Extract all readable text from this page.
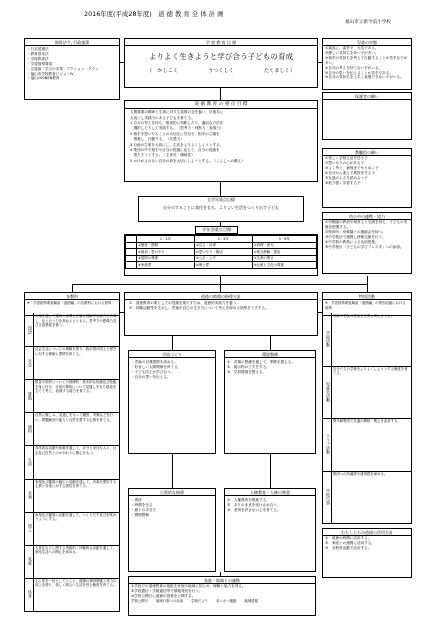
2016年度(平成28年度)　道 徳 教 育 全 体 計 画
福山市立新今浜小学校
関係法令, 行政施策
・日本国憲法
・教育基本法
・学校教育法
・学習指導要領
・広島県「学びの変革」アクション・プラン
・福山市学校教育ビジョンIV
・福山100NEN教育
学 校 教 育 目 標
よりよく生きようと学び合う子どもの育成
（　かしこく	うつくしく	たくましく）
児童の実態
①素直に、素朴で、元気である。
②優しい気持ちを持つ子が多い。
③相手の気持ちを考えて行動することが苦手な子が多い。
④自分の考えを持てない子がいる。
⑤自分の思いを伝えることが苦手である。
⑥自分の気持ちを上手く表現できない子がいる。
保護者の願い
教職員の願い
①楽しく学校生活を送る子
②思いやりの心がある子
③よく考え、最後までやりぬく子
④自分から進んで挨拶をする子
⑤友達のよさを認め合う子
⑥粘り強く学習する子
道 徳 教 育 の 重 点 目 標
人間尊重の精神と生命に対する畏敬の念を養い、自他共に
大切にし実践力のある子どもを育てる。
1 自分の考えを持ち、筋道的に判断したり、適切な方法を
　選択したりして実践する。（思考力・判断力・表現力）
2 相手を思いやることの大切さに気付き、相手の立場を
　尊重し、行動する。（共感力）
3 自他の生命を大切にし、生活をよりよくしようとする。
4 集団の中で相手や自分の役割に応じて、自分の役割を
　果たそうとする。（主体性・積極性）
5 かけがえのない自分の命を大切にしようとする。（くらしへの構え）
全学年重点目標
自分のすることに責任をもち、よりよい生活をつくり出す子ども
学年別重点目標
	1・2年	3・4年	5・6年
	①節度・節制	①自主・自律	①真理・探究
	②親切・思いやり	②思いやり・親切	②相互理解・寛容
	③規則の尊重	③公正・公平	③生命の尊さ
	④家族愛	④郷土愛	④伝統と文化の尊重
幼小中の連携・協力
①幼稚園の教員や保育士と交流を持ち、子どもの実態を把握する。
②保育所・幼稚園との連絡会を持つ。
③中学校区で連携し情報交換を行う。
④中学校の教員による出前授業。
⑤中学校区「子どもの学びフェスタ」への参加。
各教科
※　学習指導要領解説「道徳編」の各教科における指導
国語
言葉を通して適切に表現し正確に理解する能力を育成し、伝え合う力を高めるとともに、思考力や想像力及び言語感覚を養う。
社会
社会生活についての理解を図り、我が国の国土と歴史に対する理解と愛情を育てる。
算数
数量や図形についての基礎的・基本的な知識及び技能を身に付け、日常の事象について見通しをもち筋道を立てて考え、表現する能力を育てる。
理科
自然に親しみ、見通しをもって観察、実験などを行い、問題解決の能力と自然を愛する心情を育てる。
生活
具体的な活動や体験を通して、自分と身近な人々、社会及び自然とのかかわりに関心をもつ。
音楽
表現及び鑑賞の幅広い活動を通して、音楽を愛好する心情と音楽に対する感性を育てる。
図工
表現及び鑑賞の活動を通して、つくりだす喜びを味わうようにする。
家庭
衣食住などに関する実践的・体験的な活動を通して、家庭生活への関心を高める。
体育
心と体を一体としてとらえ、健康の保持増進と体力の向上を図り、楽しく明るい生活を営む態度を育てる。
道徳の時間の指導方針
①　道徳教育の要としての役割を果たすため、道徳的実践力を養う。
②　体験活動等を生かし、児童が自己の生き方について考えを深める指導を工夫する。
学級づくり
・児童の自尊感情を高める。
・好ましい人間関係を育てる。
・子ども同士が学び合う。
・自分の思いを伝える。
環境整備
①　花壇の整備を通して、季節を感じる。
②　掲示物の工夫をする。
③　学習環境を整える。
特別活動
※　学習指導要領解説「道徳編」の特別活動における指導
学級活動
学級や学校の生活を充実し向上させる。
児童会活動
自分たちの学校をよりよくしようとする態度を育てる。
クラブ活動
異年齢集団で共通の興味・関心を追求する。
学校行事
集団への所属感や連帯感を深める。
日常的な指導
・挨拶
・時間を守る
・廊下の歩き方
・整理整頓
人権教育・人権の尊重
①　人権教育を推進する。
②　ありのままを受け止め合う。
③　差別を許さない心を育てる。
わたしたちの道徳の活用方針
①　道徳の時間に活用する。
②　家庭との連携に活用する。
③　全教育活動で活用する。
家庭・地域との連携
①学校での道徳教育の取組を家庭や地域に知らせ、理解と協力を得る。
②学校通信・学級通信等で情報発信を行う。
③学校公開日に道徳の授業を公開する。
学校公開日 地域行事への参加 学校だより あいさつ運動 地域清掃
